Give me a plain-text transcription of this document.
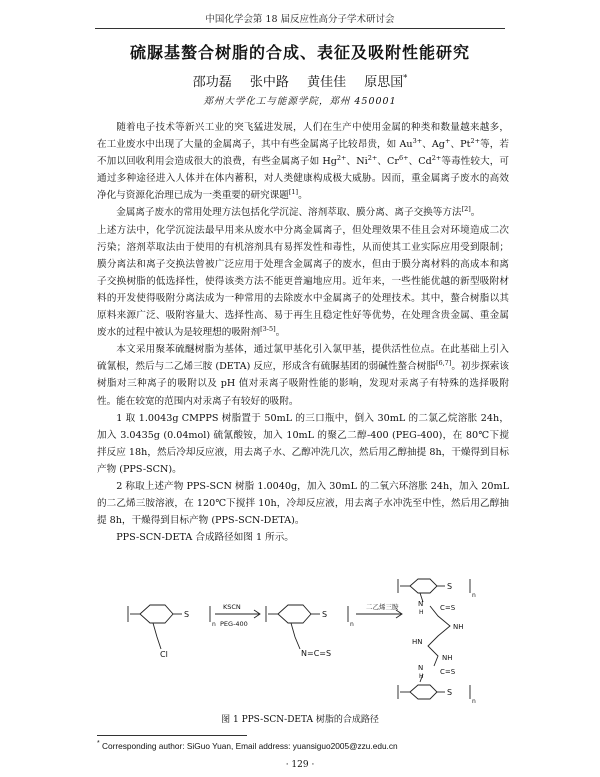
中国化学会第 18 届反应性高分子学术研讨会
硫脲基螯合树脂的合成、表征及吸附性能研究
邵功磊 张中路 黄佳佳 原思国*
郑州大学化工与能源学院，郑州 450001

随着电子技术等新兴工业的突飞猛进发展，人们在生产中使用金属的种类和数量越来越多，在工业废水中出现了大量的金属离子，其中有些金属离子比较昂贵，如 $Au^{3+}$、Ag+、$Pt^{2+}$等，若不加以回收利用会造成很大的浪费，有些金属离子如 $Hg^{2+}$、$Ni^{2+}$、$Cr^{6+}$、$Cd^{2+}$等毒性较大，可通过多种途径进入人体并在体内蓄积，对人类健康构成极大威胁。因而，重金属离子废水的高效净化与资源化治理已成为一类重要的研究课题[1]。

金属离子废水的常用处理方法包括化学沉淀、溶剂萃取、膜分离、离子交换等方法[2]。

上述方法中，化学沉淀法最早用来从废水中分离金属离子，但处理效果不佳且会对环境造成二次污染；溶剂萃取法由于使用的有机溶剂具有易挥发性和毒性，从而使其工业实际应用受到限制；膜分离法和离子交换法曾被广泛应用于处理含金属离子的废水，但由于膜分离材料的高成本和离子交换树脂的低选择性，使得该类方法不能更普遍地应用。近年来，一些性能优越的新型吸附材料的开发使得吸附分离法成为一种常用的去除废水中金属离子的处理技术。其中，螯合树脂以其原料来源广泛、吸附容量大、选择性高、易于再生且稳定性好等优势，在处理含贵金属、重金属废水的过程中被认为是较理想的吸附剂[3-5]。

本文采用聚苯硫醚树脂为基体，通过氯甲基化引入氯甲基，提供活性位点。在此基础上引入硫氰根，然后与二乙烯三胺 (DETA) 反应，形成含有硫脲基团的弱碱性螯合树脂[6,7]。初步探索该树脂对三种离子的吸附以及 pH 值对汞离子吸附性能的影响，发现对汞离子有特殊的选择吸附性。能在较宽的范围内对汞离子有较好的吸附。

1 取 1.0043g CMPPS 树脂置于 50mL 的三口瓶中，倒入 30mL 的二氯乙烷溶胀 24h，加入 3.0435g (0.04mol) 硫氰酸铵，加入 10mL 的聚乙二醇-400 (PEG-400)，在 80℃下搅拌反应 18h，然后冷却反应液，用去离子水、乙醇冲洗几次，然后用乙醇抽提 8h，干燥得到目标产物 (PPS-SCN)。

2 称取上述产物 PPS-SCN 树脂 1.0040g，加入 30mL 的二氧六环溶胀 24h，加入 20mL 的二乙烯三胺溶液，在 120℃下搅拌 10h，冷却反应液，用去离子水冲洗至中性，然后用乙醇抽提 8h，干燥得到目标产物 (PPS-SCN-DETA)。

PPS-SCN-DETA 合成路径如图 1 所示。

S
n
Cl
KSCN
PEG-400
S
n
N=C=S
二乙烯三胺
S
n
N
H
C=S
NH
HN
NH
N
H
C=S
S
n
图 1 PPS-SCN-DETA 树脂的合成路径
* Corresponding author: SiGuo Yuan, Email address: yuansiguo2005@zzu.edu.cn
· 129 ·
